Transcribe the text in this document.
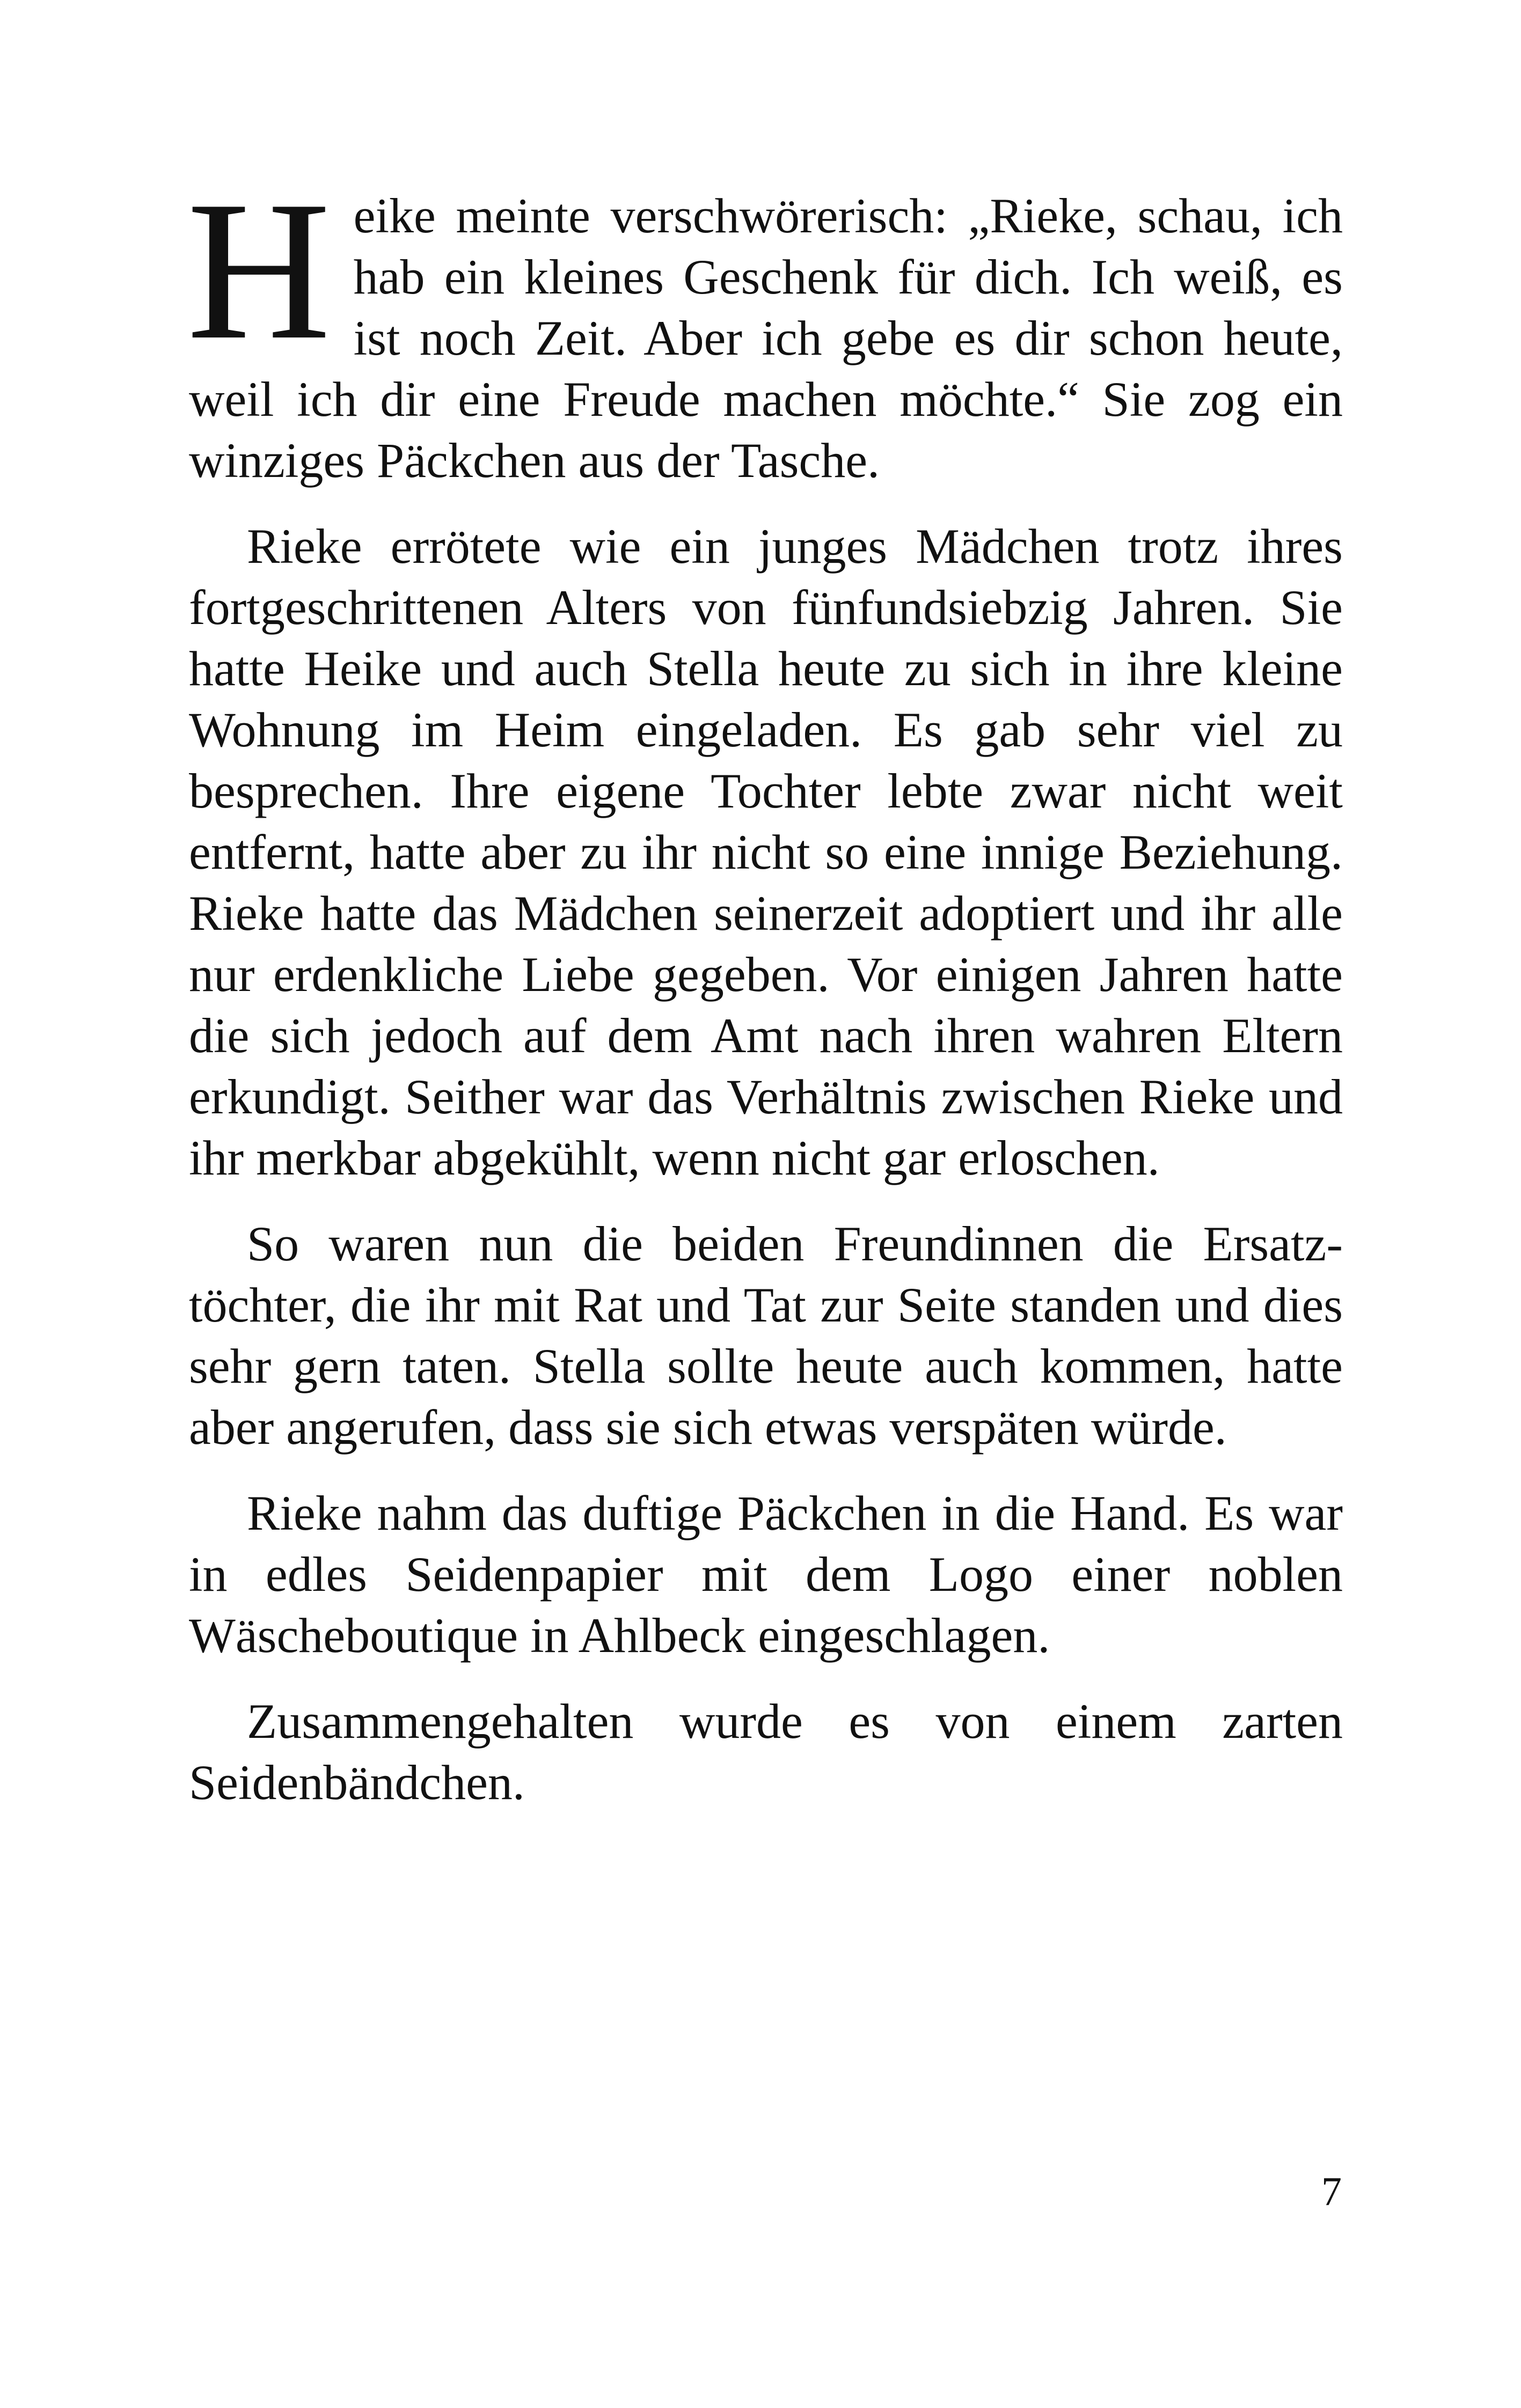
Heike meinte verschwörerisch: „Rieke, schau, ich hab ein kleines Geschenk für dich. Ich weiß, es ist noch Zeit. Aber ich gebe es dir schon heute, weil ich dir eine Freude machen möchte.“ Sie zog ein winziges Päckchen aus der Tasche.

Rieke errötete wie ein junges Mädchen trotz ihres fortgeschrittenen Alters von fünfundsiebzig Jahren. Sie hatte Heike und auch Stella heute zu sich in ihre kleine Wohnung im Heim eingeladen. Es gab sehr viel zu besprechen. Ihre eigene Tochter lebte zwar nicht weit entfernt, hatte aber zu ihr nicht so eine innige Beziehung. Rieke hatte das Mädchen seinerzeit adoptiert und ihr alle nur erdenkliche Liebe gegeben. Vor einigen Jahren hatte die sich jedoch auf dem Amt nach ihren wahren Eltern erkundigt. Seither war das Verhältnis zwischen Rieke und ihr merkbar abgekühlt, wenn nicht gar erloschen.

So waren nun die beiden Freundinnen die Ersatztöchter, die ihr mit Rat und Tat zur Seite standen und dies sehr gern taten. Stella sollte heute auch kommen, hatte aber angerufen, dass sie sich etwas verspäten würde.

Rieke nahm das duftige Päckchen in die Hand. Es war in edles Seidenpapier mit dem Logo einer noblen Wäscheboutique in Ahlbeck eingeschlagen.

Zusammengehalten wurde es von einem zarten Seidenbändchen.

7
